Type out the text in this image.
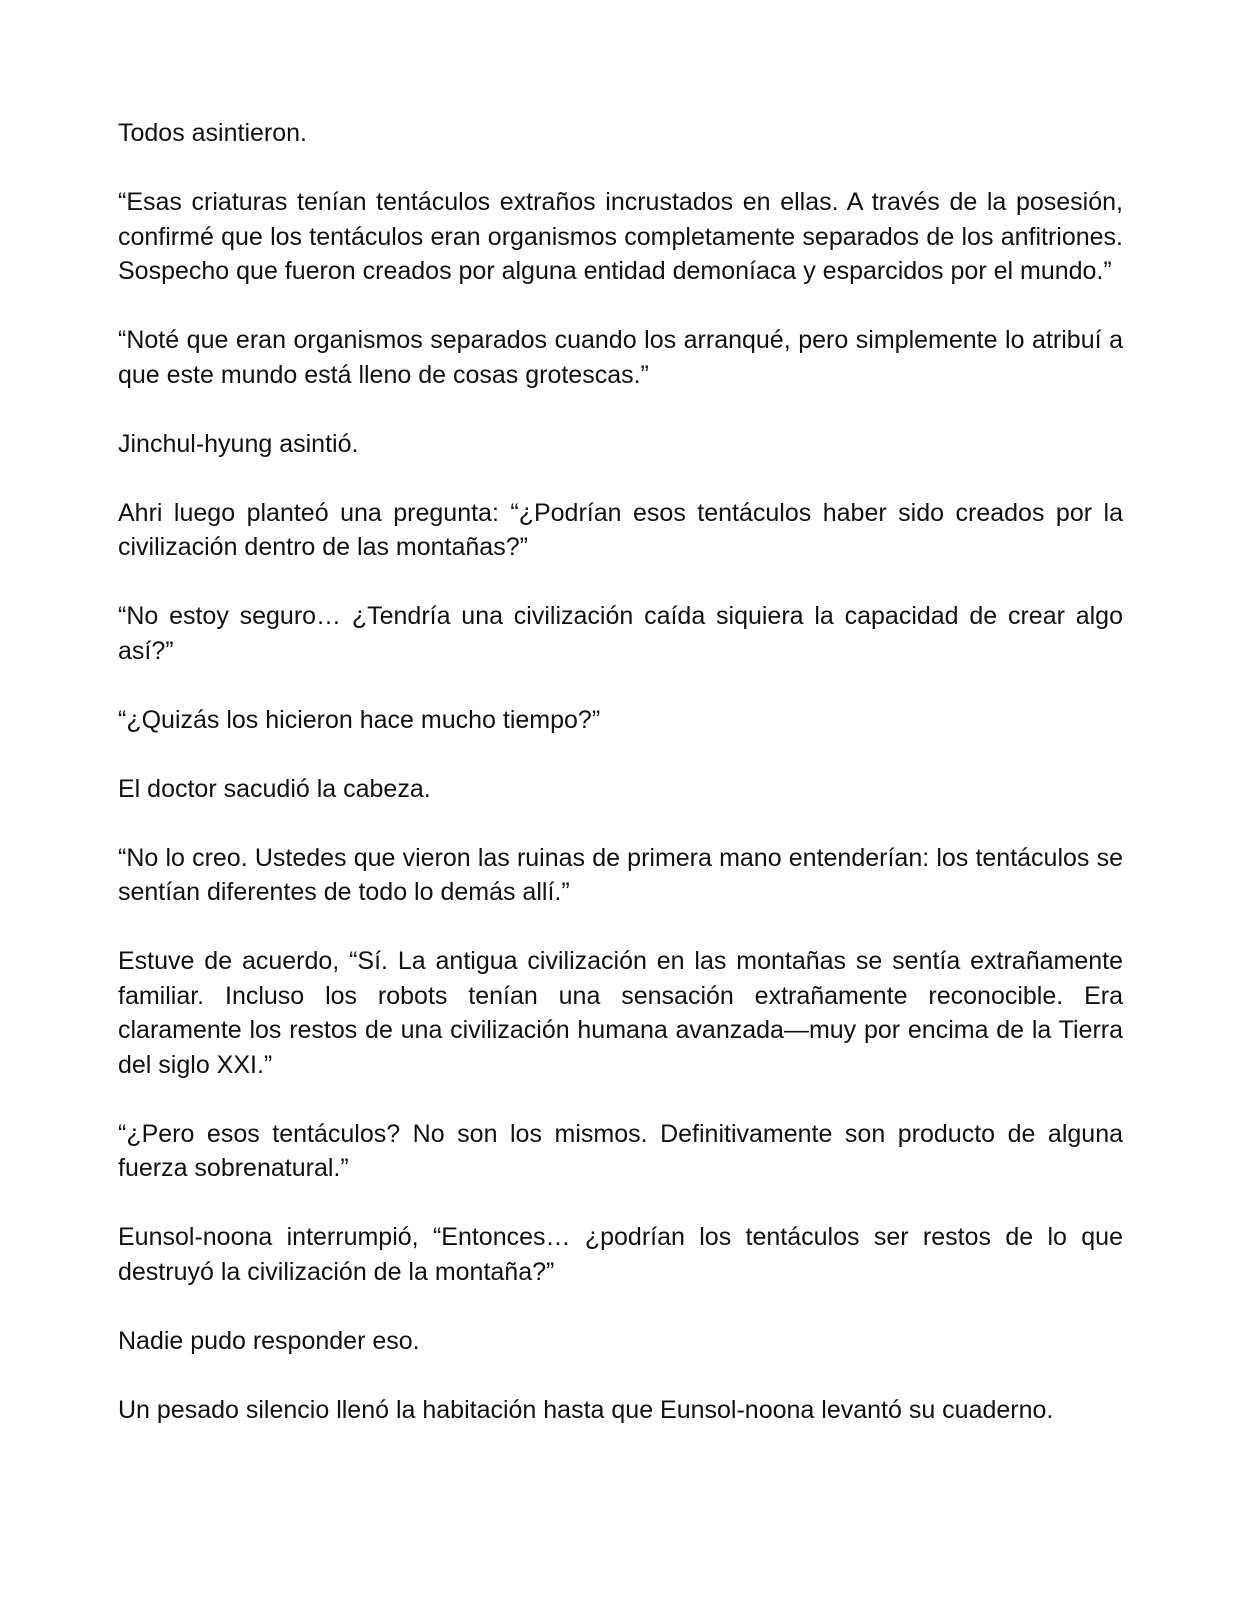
Todos asintieron.

“Esas criaturas tenían tentáculos extraños incrustados en ellas. A través de la posesión, confirmé que los tentáculos eran organismos completamente separados de los anfitriones. Sospecho que fueron creados por alguna entidad demoníaca y esparcidos por el mundo.”

“Noté que eran organismos separados cuando los arranqué, pero simplemente lo atribuí a que este mundo está lleno de cosas grotescas.”

Jinchul-hyung asintió.

Ahri luego planteó una pregunta: “¿Podrían esos tentáculos haber sido creados por la civilización dentro de las montañas?”

“No estoy seguro… ¿Tendría una civilización caída siquiera la capacidad de crear algo así?”

“¿Quizás los hicieron hace mucho tiempo?”

El doctor sacudió la cabeza.

“No lo creo. Ustedes que vieron las ruinas de primera mano entenderían: los tentáculos se sentían diferentes de todo lo demás allí.”

Estuve de acuerdo, “Sí. La antigua civilización en las montañas se sentía extrañamente familiar. Incluso los robots tenían una sensación extrañamente reconocible. Era claramente los restos de una civilización humana avanzada—muy por encima de la Tierra del siglo XXI.”

“¿Pero esos tentáculos? No son los mismos. Definitivamente son producto de alguna fuerza sobrenatural.”

Eunsol-noona interrumpió, “Entonces… ¿podrían los tentáculos ser restos de lo que destruyó la civilización de la montaña?”

Nadie pudo responder eso.

Un pesado silencio llenó la habitación hasta que Eunsol-noona levantó su cuaderno.
